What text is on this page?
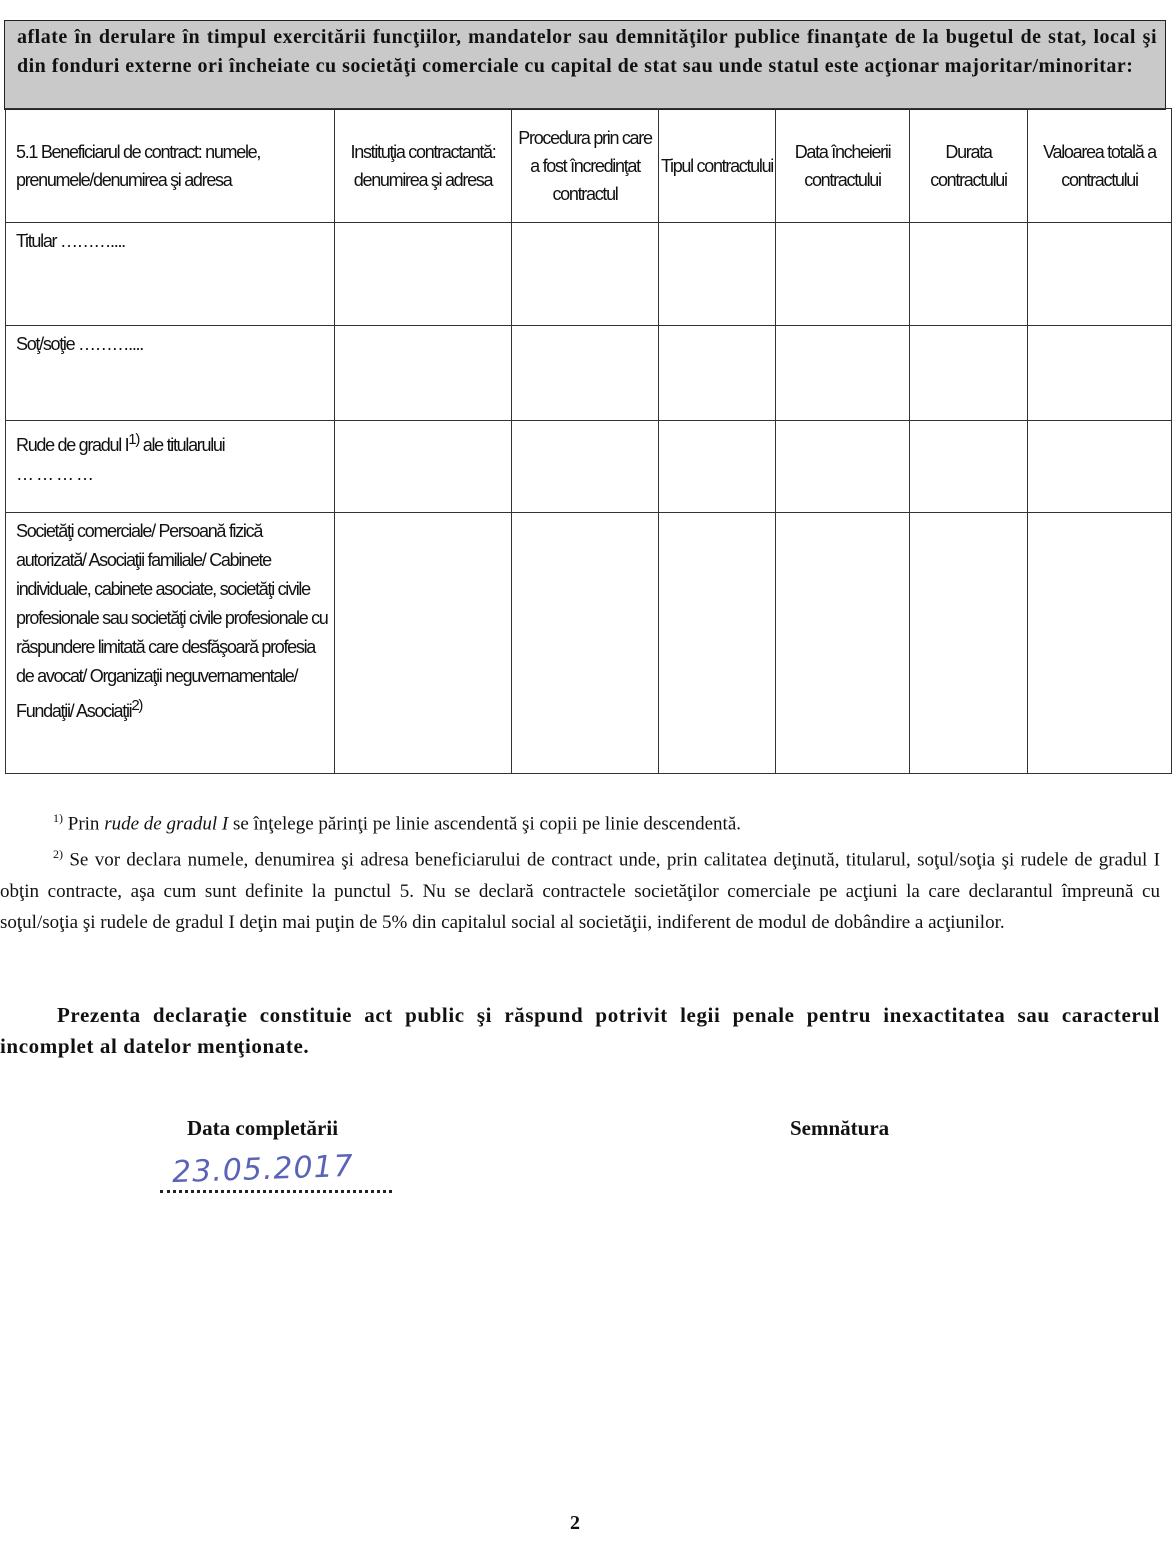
aflate în derulare în timpul exercitării funcţiilor, mandatelor sau demnităţilor publice finanţate de la bugetul de stat, local şi din fonduri externe ori încheiate cu societăţi comerciale cu capital de stat sau unde statul este acţionar majoritar/minoritar:
5.1 Beneficiarul de contract: numele, prenumele/denumirea şi adresa	Instituţia contractantă: denumirea şi adresa	Procedura prin care a fost încredinţat contractul	Tipul contractului	Data încheierii contractului	Durata contractului	Valoarea totală a contractului
Titular ………....						
Soţ/soţie ………....						
Rude de gradul $I^{1)}$ ale titularului
…………						

Societăţi comerciale/ Persoană fizică autorizată/ Asociaţii familiale/ Cabinete individuale, cabinete asociate, societăţi civile profesionale sau societăţi civile profesionale cu răspundere limitată care desfăşoară profesia de avocat/ Organizaţii neguvernamentale/ Fundaţii/ Asociaţii$^{2)}$						

$^{1)}$ Prin rude de gradul I se înţelege părinţi pe linie ascendentă şi copii pe linie descendentă.

$^{2)}$ Se vor declara numele, denumirea şi adresa beneficiarului de contract unde, prin calitatea deţinută, titularul, soţul/soţia şi rudele de gradul I obţin contracte, aşa cum sunt definite la punctul 5. Nu se declară contractele societăţilor comerciale pe acţiuni la care declarantul împreună cu soţul/soţia şi rudele de gradul I deţin mai puţin de 5% din capitalul social al societăţii, indiferent de modul de dobândire a acţiunilor.

Prezenta declaraţie constituie act public şi răspund potrivit legii penale pentru inexactitatea sau caracterul incomplet al datelor menţionate.
Data completării	Semnătura
23.05.2017
2
